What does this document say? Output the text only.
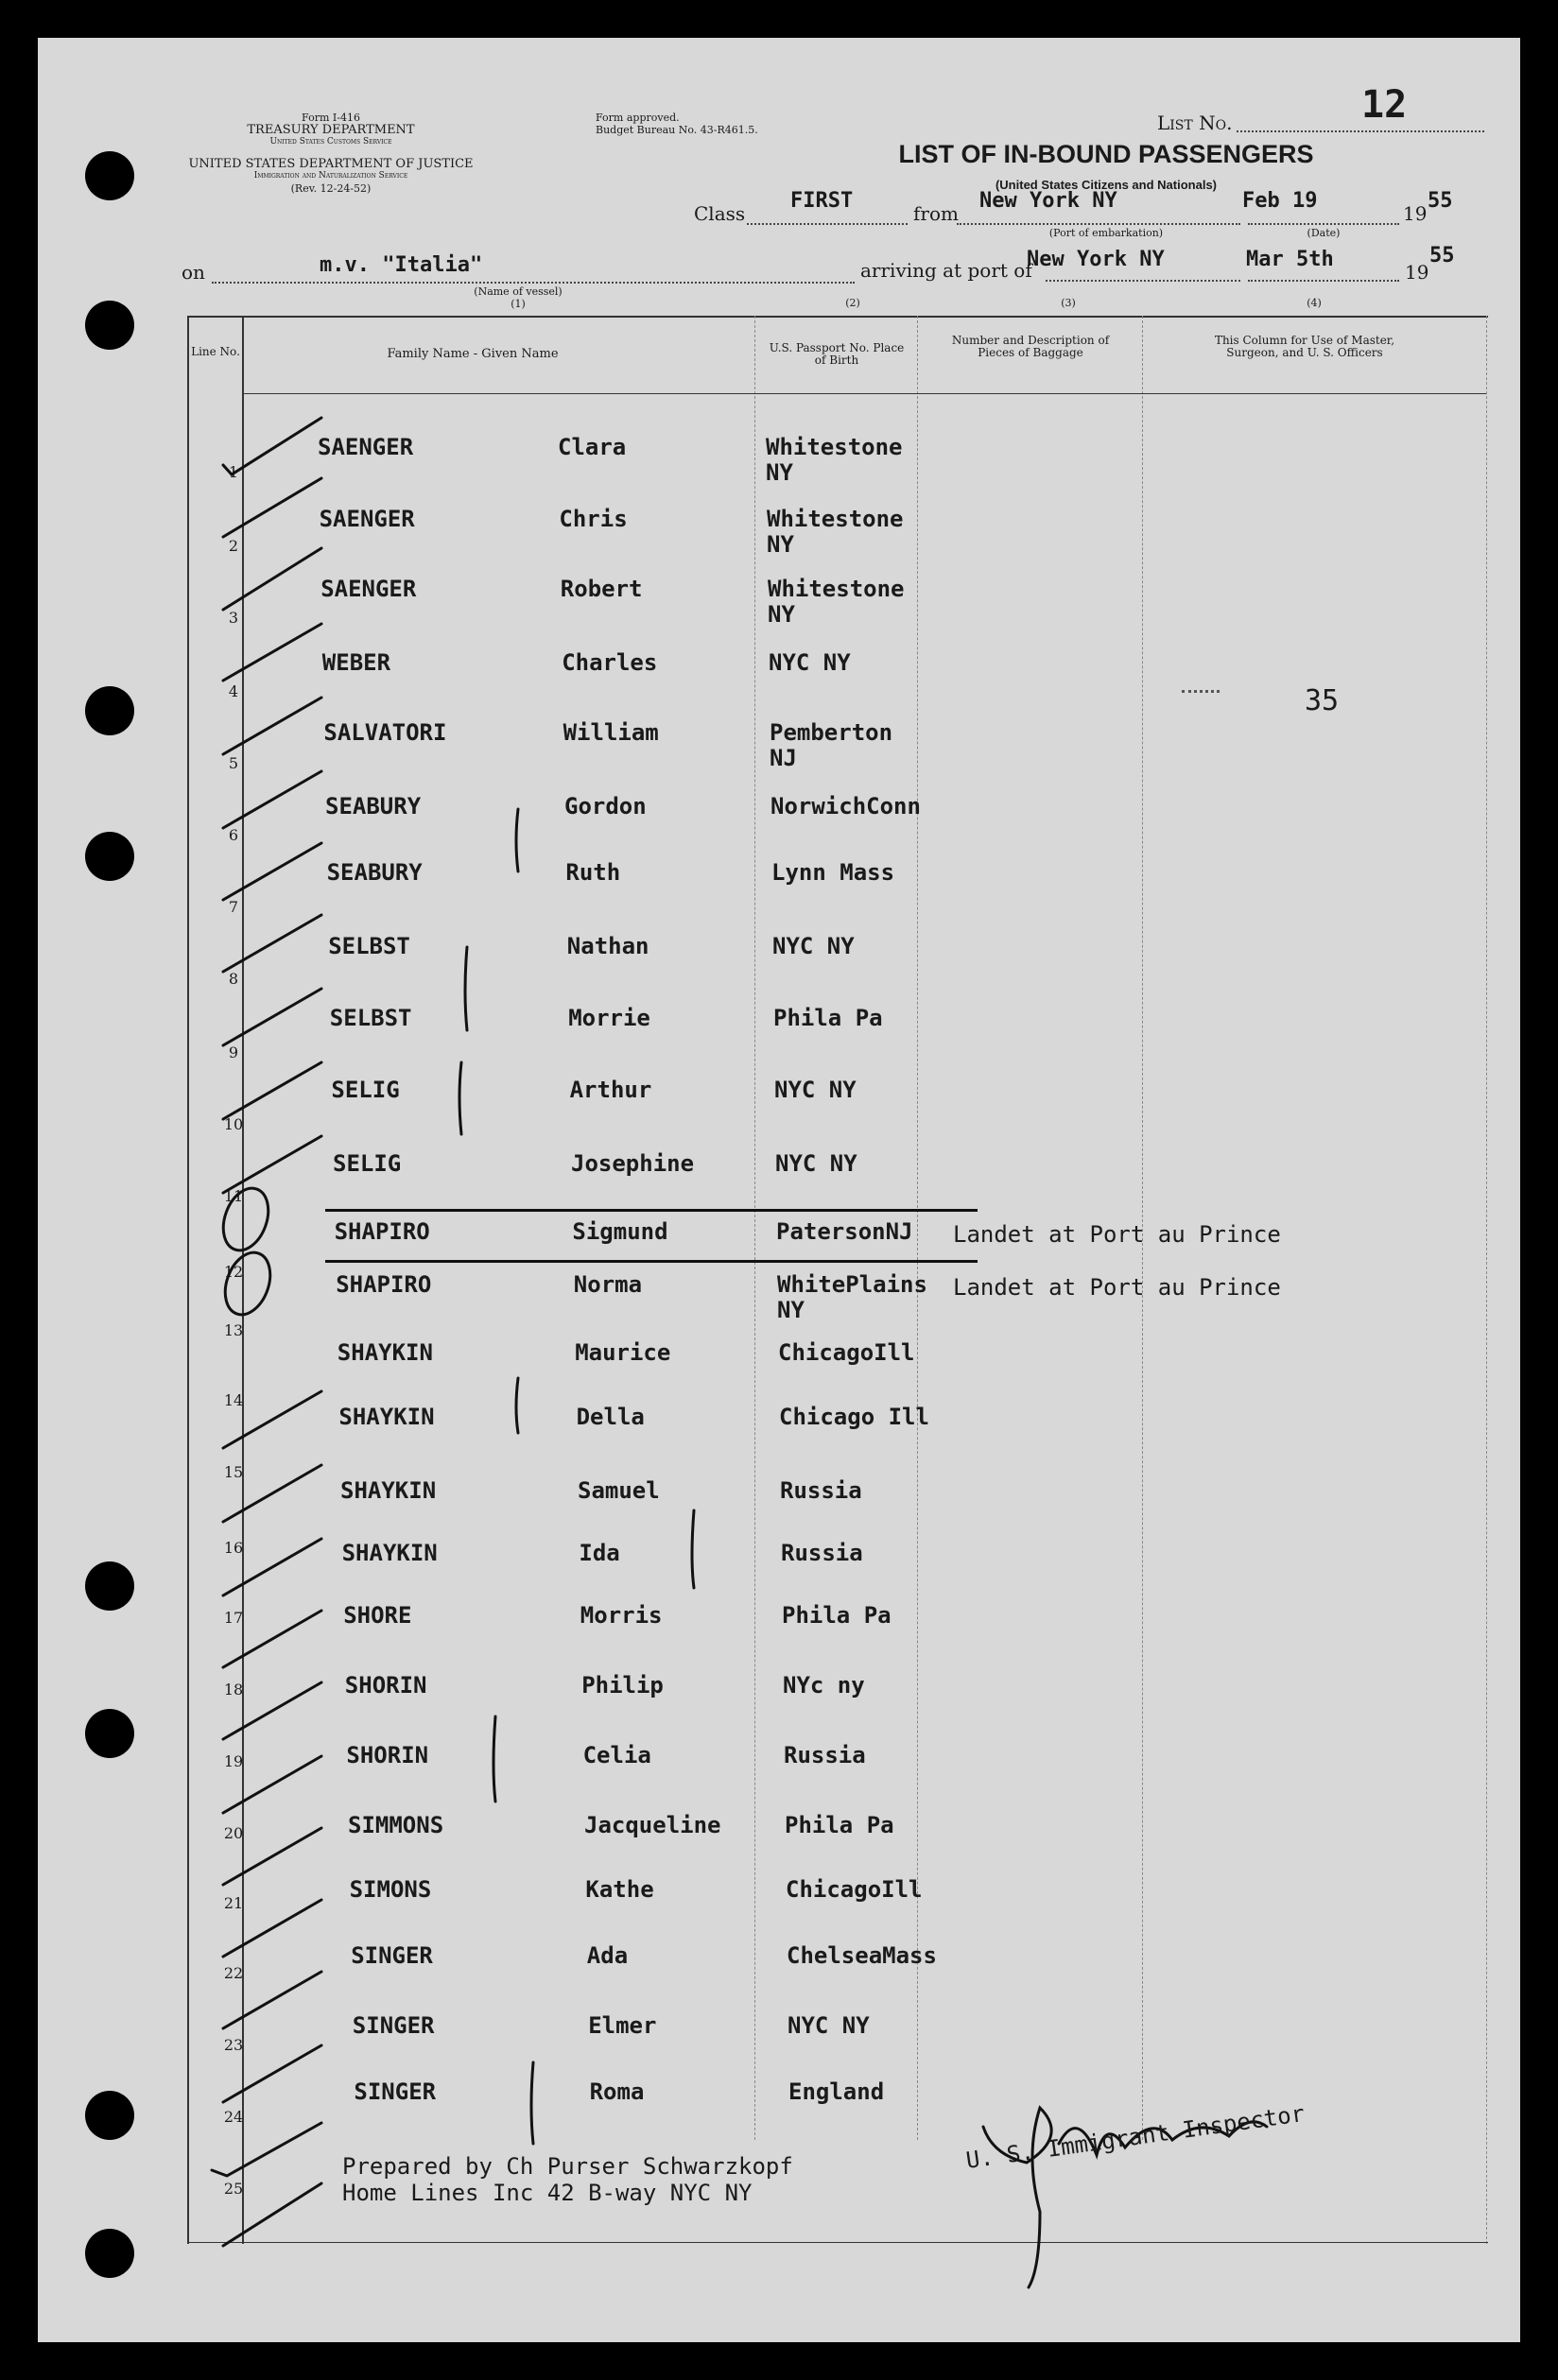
Form I-416
TREASURY DEPARTMENT
United States Customs Service
UNITED STATES DEPARTMENT OF JUSTICE
Immigration and Naturalization Service
(Rev. 12-24-52)
Form approved.
Budget Bureau No. 43-R461.5.	List No.	12
LIST OF IN-BOUND PASSENGERS
(United States Citizens and Nationals)
Class
FIRST
from
New York NY
(Port of embarkation)
Feb 19
(Date)
19
55
on	m.v. "Italia"
(Name of vessel)
(1)
arriving at port of
New York NY	Mar 5th
19
55
(2)	(3)	(4)
Line No.	Family Name - Given Name	U.S. Passport No. Place of Birth
Number and Description of Pieces of Baggage
This Column for Use of Master, Surgeon, and U. S. Officers
1
SAENGER	Clara	Whitestone NY
2
SAENGER	Chris	Whitestone NY
3
SAENGER	Robert	Whitestone NY
4
WEBER	Charles	NYC NY
5
SALVATORI	William	Pemberton NJ
6
SEABURY	Gordon	NorwichConn
7
SEABURY	Ruth	Lynn Mass
8
SELBST	Nathan	NYC NY
9
SELBST	Morrie	Phila Pa
10
SELIG	Arthur	NYC NY
11
SELIG	Josephine	NYC NY
12
SHAPIRO	Sigmund	PatersonNJ	Landet at Port au Prince
13
SHAPIRO	Norma	WhitePlains NY
Landet at Port au Prince
14
SHAYKIN	Maurice	ChicagoIll
15
SHAYKIN	Della	Chicago Ill
16
SHAYKIN	Samuel	Russia
17
SHAYKIN	Ida	Russia
18
SHORE	Morris	Phila Pa
19
SHORIN	Philip	NYc ny
20
SHORIN	Celia	Russia
21
SIMMONS	Jacqueline	Phila Pa
22
SIMONS	Kathe	ChicagoIll
23
SINGER	Ada	ChelseaMass
24
SINGER	Elmer	NYC NY
25
SINGER	Roma	England
35
Prepared by Ch Purser Schwarzkopf
Home Lines Inc 42 B-way NYC NY
U. S. Immigrant Inspector
